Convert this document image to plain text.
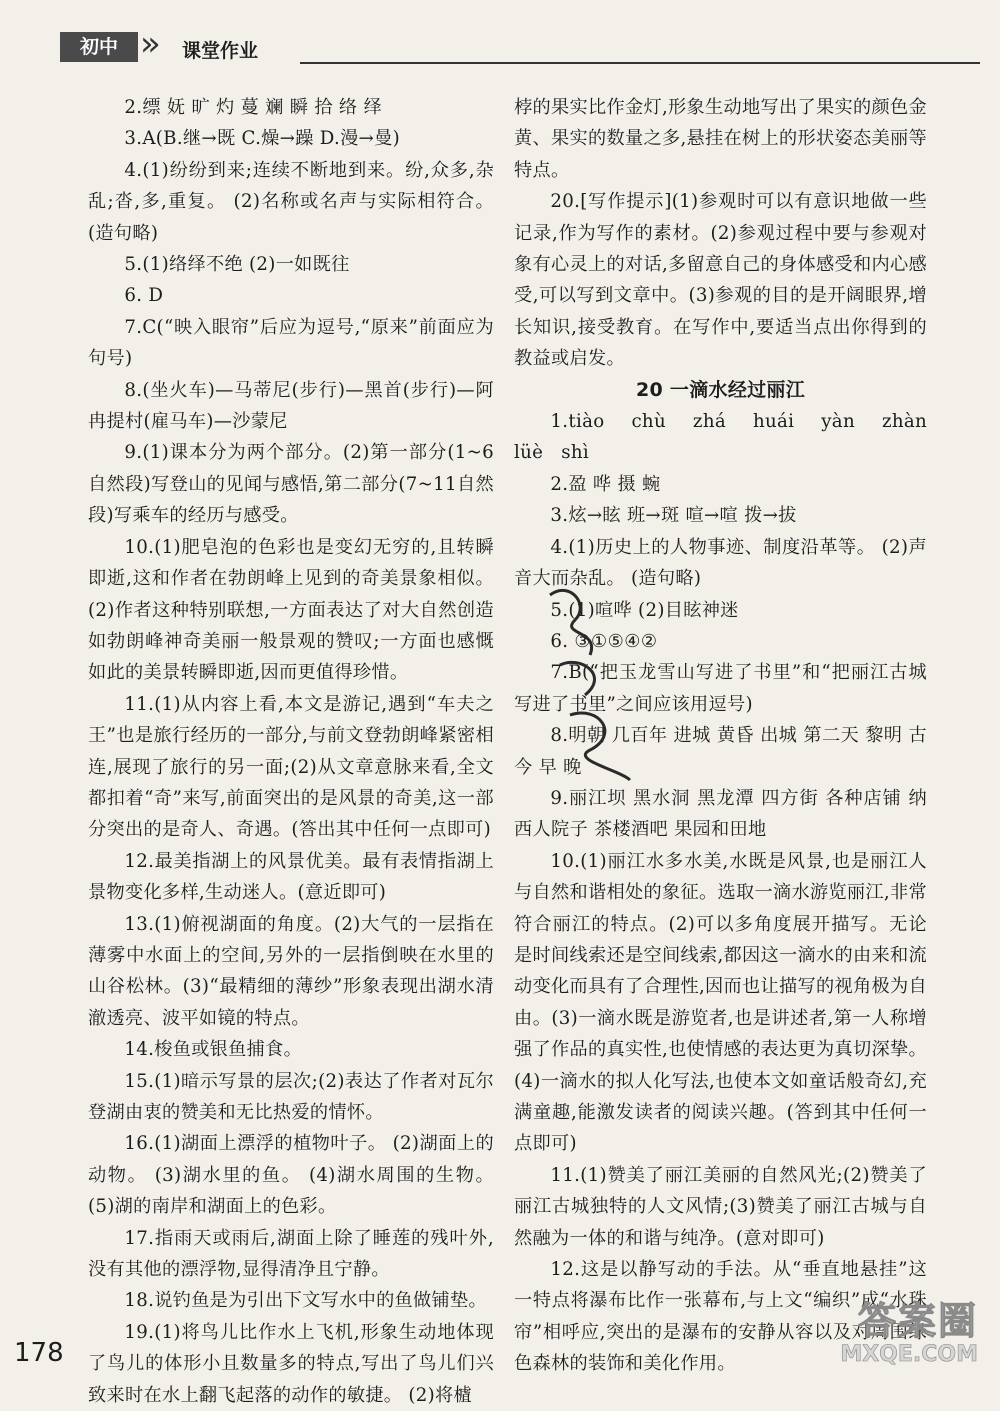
初中 » 课堂作业

2.缥 妩 旷 灼 蔓 斓 瞬 拾 络 绎

3.A(B.继→既 C.燥→躁 D.漫→曼)

4.(1)纷纷到来;连续不断地到来。纷,众多,杂乱;沓,多,重复。 (2)名称或名声与实际相符合。(造句略)

5.(1)络绎不绝 (2)一如既往

6. D

7.C(“映入眼帘”后应为逗号,“原来”前面应为句号)

8.(坐火车)—马蒂尼(步行)—黑首(步行)—阿冉提村(雇马车)—沙蒙尼

9.(1)课本分为两个部分。(2)第一部分(1~6自然段)写登山的见闻与感悟,第二部分(7~11自然段)写乘车的经历与感受。

10.(1)肥皂泡的色彩也是变幻无穷的,且转瞬即逝,这和作者在勃朗峰上见到的奇美景象相似。(2)作者这种特别联想,一方面表达了对大自然创造如勃朗峰神奇美丽一般景观的赞叹;一方面也感慨如此的美景转瞬即逝,因而更值得珍惜。

11.(1)从内容上看,本文是游记,遇到“车夫之王”也是旅行经历的一部分,与前文登勃朗峰紧密相连,展现了旅行的另一面;(2)从文章意脉来看,全文都扣着“奇”来写,前面突出的是风景的奇美,这一部分突出的是奇人、奇遇。(答出其中任何一点即可)

12.最美指湖上的风景优美。最有表情指湖上景物变化多样,生动迷人。(意近即可)

13.(1)俯视湖面的角度。(2)大气的一层指在薄雾中水面上的空间,另外的一层指倒映在水里的山谷松林。(3)“最精细的薄纱”形象表现出湖水清澈透亮、波平如镜的特点。

14.梭鱼或银鱼捕食。

15.(1)暗示写景的层次;(2)表达了作者对瓦尔登湖由衷的赞美和无比热爱的情怀。

16.(1)湖面上漂浮的植物叶子。 (2)湖面上的动物。 (3)湖水里的鱼。 (4)湖水周围的生物。 (5)湖的南岸和湖面上的色彩。

17.指雨天或雨后,湖面上除了睡莲的残叶外,没有其他的漂浮物,显得清净且宁静。

18.说钓鱼是为引出下文写水中的鱼做铺垫。

19.(1)将鸟儿比作水上飞机,形象生动地体现了鸟儿的体形小且数量多的特点,写出了鸟儿们兴致来时在水上翻飞起落的动作的敏捷。 (2)将樝

桲的果实比作金灯,形象生动地写出了果实的颜色金黄、果实的数量之多,悬挂在树上的形状姿态美丽等特点。

20.[写作提示](1)参观时可以有意识地做一些记录,作为写作的素材。(2)参观过程中要与参观对象有心灵上的对话,多留意自己的身体感受和内心感受,可以写到文章中。(3)参观的目的是开阔眼界,增长知识,接受教育。在写作中,要适当点出你得到的教益或启发。

20 一滴水经过丽江

1.tiào chù zhá huái yàn zhàn lüè shì

2.盈 哗 摄 蜿

3.炫→眩 班→斑 喧→喧 拨→拔

4.(1)历史上的人物事迹、制度沿革等。 (2)声音大而杂乱。 (造句略)

5.(1)喧哗 (2)目眩神迷

6. ③①⑤④②

7.B(“把玉龙雪山写进了书里”和“把丽江古城写进了书里”之间应该用逗号)

8.明朝 几百年 进城 黄昏 出城 第二天 黎明 古 今 早 晚

9.丽江坝 黑水洞 黑龙潭 四方街 各种店铺 纳西人院子 茶楼酒吧 果园和田地

10.(1)丽江水多水美,水既是风景,也是丽江人与自然和谐相处的象征。选取一滴水游览丽江,非常符合丽江的特点。(2)可以多角度展开描写。无论是时间线索还是空间线索,都因这一滴水的由来和流动变化而具有了合理性,因而也让描写的视角极为自由。(3)一滴水既是游览者,也是讲述者,第一人称增强了作品的真实性,也使情感的表达更为真切深挚。(4)一滴水的拟人化写法,也使本文如童话般奇幻,充满童趣,能激发读者的阅读兴趣。(答到其中任何一点即可)

11.(1)赞美了丽江美丽的自然风光;(2)赞美了丽江古城独特的人文风情;(3)赞美了丽江古城与自然融为一体的和谐与纯净。(意对即可)

12.这是以静写动的手法。从“垂直地悬挂”这一特点将瀑布比作一张幕布,与上文“编织”成“水珠帘”相呼应,突出的是瀑布的安静从容以及对周围绿色森林的装饰和美化作用。

178
答案圈
MXQE.COM
